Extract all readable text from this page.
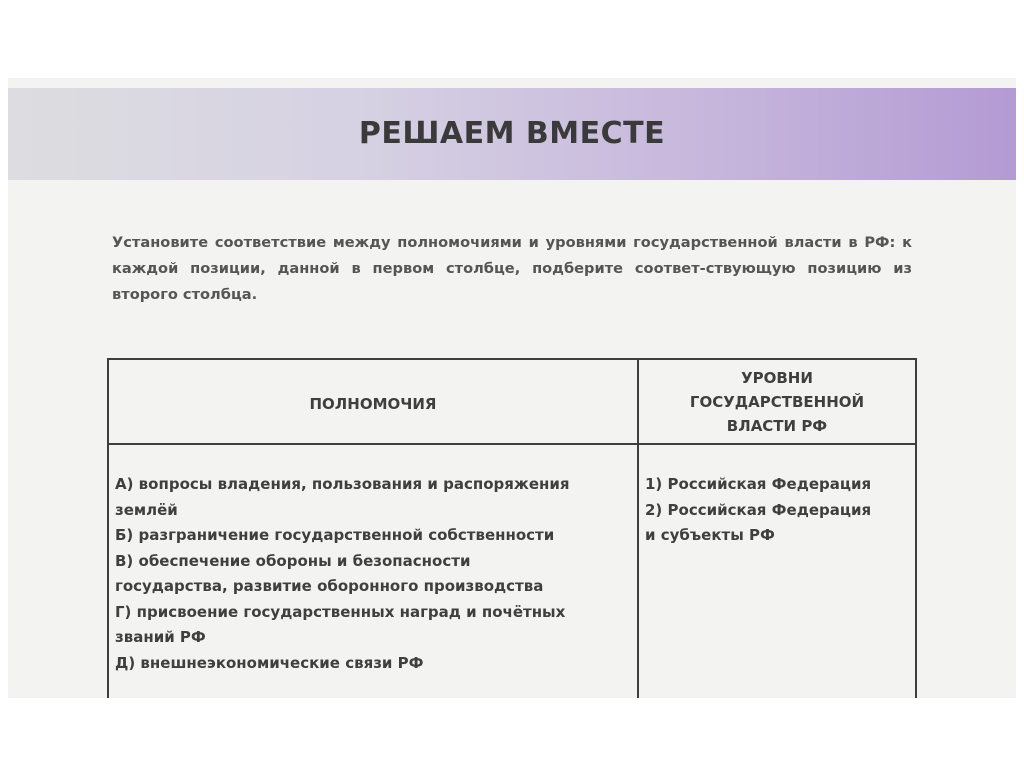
РЕШАЕМ ВМЕСТЕ

Установите соответствие между полномочиями и уровнями государственной власти в РФ: к каждой позиции, данной в первом столбце, подберите соответ-ствующую позицию из второго столбца.

ПОЛНОМОЧИЯ
УРОВНИ
ГОСУДАРСТВЕННОЙ
ВЛАСТИ РФ
А) вопросы владения, пользования и распоряжения
землёй
Б) разграничение государственной собственности
В) обеспечение обороны и безопасности
государства, развитие оборонного производства
Г) присвоение государственных наград и почётных
званий РФ
Д) внешнеэкономические связи РФ
1) Российская Федерация
2) Российская Федерация
и субъекты РФ
